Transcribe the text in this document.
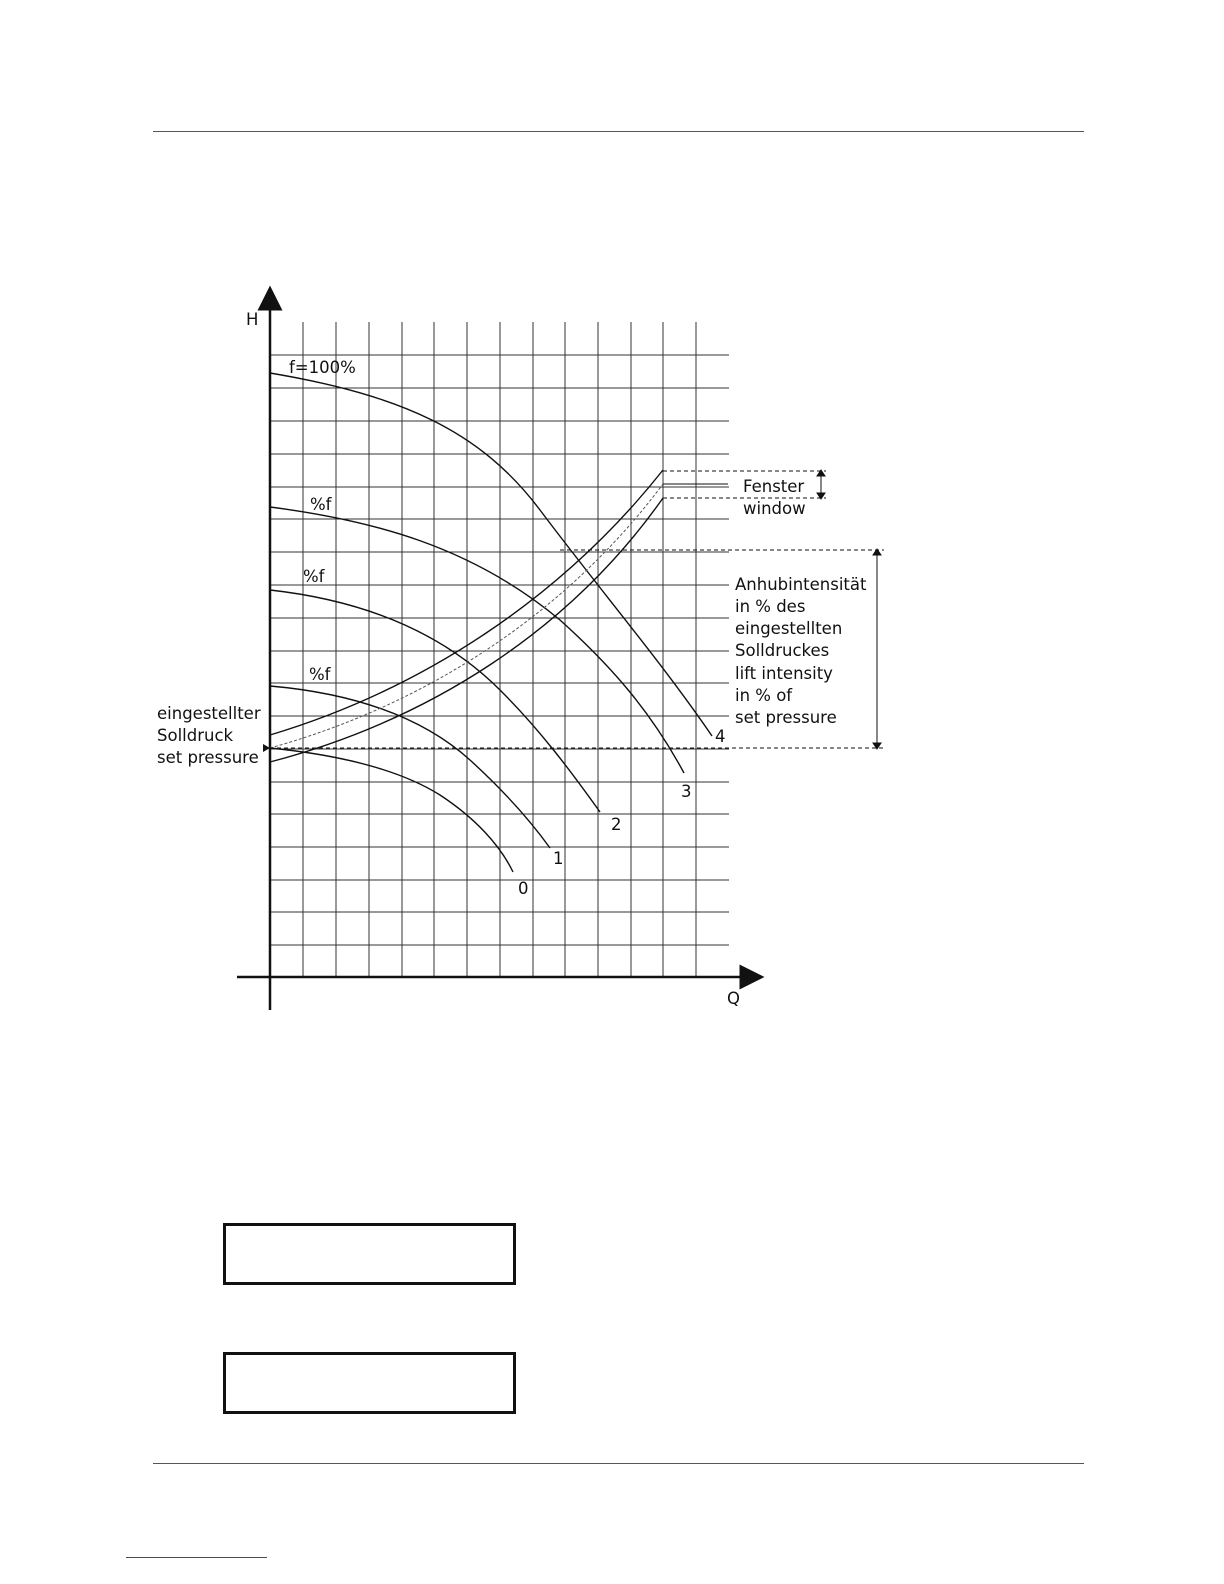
H
Q
f=100%
%f
%f
%f
4
3
2
1
0
Fenster
window
eingestellter
Solldruck
set pressure
Anhubintensität
in % des
eingestellten
Solldruckes
lift intensity
in % of
set pressure
